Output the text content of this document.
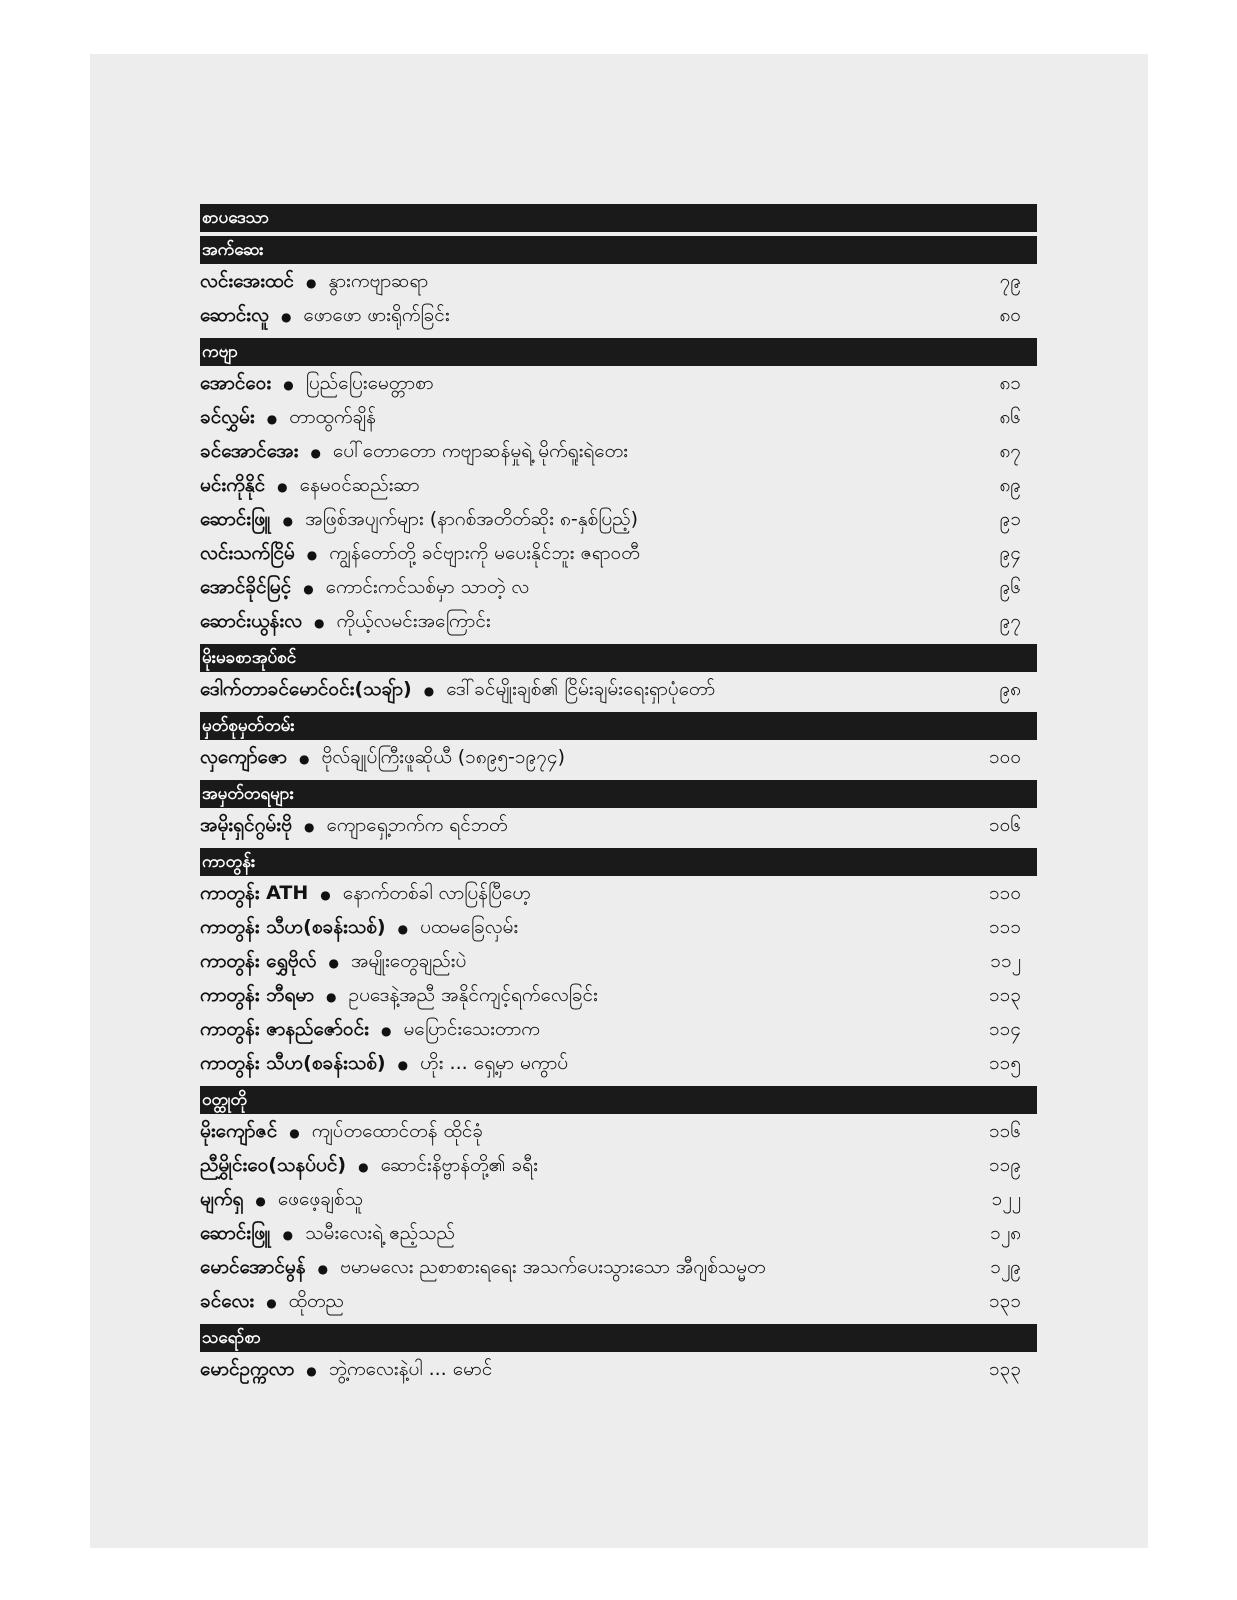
စာပဒေသာ
အက်ဆေး
လင်းအေးထင် ● နွားကဗျာဆရာ	၇၉
ဆောင်းလူ ● ဖောဖော ဖားရိုက်ခြင်း	၈၀
ကဗျာ
အောင်ဝေး ● ပြည်ပြေးမေတ္တာစာ	၈၁
ခင်လွှမ်း ● တာထွက်ချိန်	၈၆
ခင်အောင်အေး ● ပေါ်တောတော ကဗျာဆန်မှုရဲ့ မိုက်ရူးရဲတေး	၈၇
မင်းကိုနိုင် ● နေမဝင်ဆည်းဆာ	၈၉
ဆောင်းဖြူ ● အဖြစ်အပျက်များ (နာဂစ်အတိတ်ဆိုး ၈-နှစ်ပြည့်)	၉၁
လင်းသက်ငြိမ် ● ကျွန်တော်တို့ ခင်ဗျားကို မပေးနိုင်ဘူး ဇရာဝတီ	၉၄
အောင်ခိုင်မြင့် ● ကောင်းကင်သစ်မှာ သာတဲ့ လ	၉၆
ဆောင်းယွန်းလ ● ကိုယ့်လမင်းအကြောင်း	၉၇
မိုးမခစာအုပ်စင်
ဒေါက်တာခင်မောင်ဝင်း(သချ်ာ) ● ဒေါ်ခင်မျိုးချစ်၏ ငြိမ်းချမ်းရေးရှာပုံတော်	၉၈
မှတ်စုမှတ်တမ်း
လှကျော်ဇော ● ဗိုလ်ချုပ်ကြီးဖူဆိုယီ (၁၈၉၅-၁၉၇၄)	၁၀၀
အမှတ်တရများ
အမိုးရှင်ဂွမ်းဗို ● ကျောရှေ့ဘက်က ရင်ဘတ်	၁၀၆
ကာတွန်း
ကာတွန်း ATH ● နောက်တစ်ခါ လာပြန်ပြီဟေ့	၁၁၀
ကာတွန်း သီဟ(စခန်းသစ်) ● ပထမခြေလှမ်း	၁၁၁
ကာတွန်း ရွှေဗိုလ် ● အမျိုးတွေချည်းပဲ	၁၁၂
ကာတွန်း ဘီရမာ ● ဥပဒေနဲ့အညီ အနိုင်ကျင့်ရက်လေခြင်း	၁၁၃
ကာတွန်း ဇာနည်ဇော်ဝင်း ● မပြောင်းသေးတာက	၁၁၄
ကာတွန်း သီဟ(စခန်းသစ်) ● ဟိုး ... ရှေ့မှာ မကွာပ်	၁၁၅
ဝတ္ထုတို
မိုးကျော်ဇင် ● ကျပ်တထောင်တန် ထိုင်ခုံ	၁၁၆
ညီမွှိုင်းဝေ(သနပ်ပင်) ● ဆောင်းနိဗ္ဗာန်တို့၏ ခရီး	၁၁၉
မျက်ရှ ● ဖေဖေ့ချစ်သူ	၁၂၂
ဆောင်းဖြူ ● သမီးလေးရဲ့ ဧည့်သည်	၁၂၈
မောင်အောင်မွန် ● ဗမာမလေး ညစာစားရရေး အသက်ပေးသွားသော အီဂျစ်သမ္မတ	၁၂၉
ခင်လေး ● ထိုတည	၁၃၁
သရော်စာ
မောင်ဥက္ကလာ ● ဘွဲ့ကလေးနဲ့ပါ ... မောင်	၁၃၃
